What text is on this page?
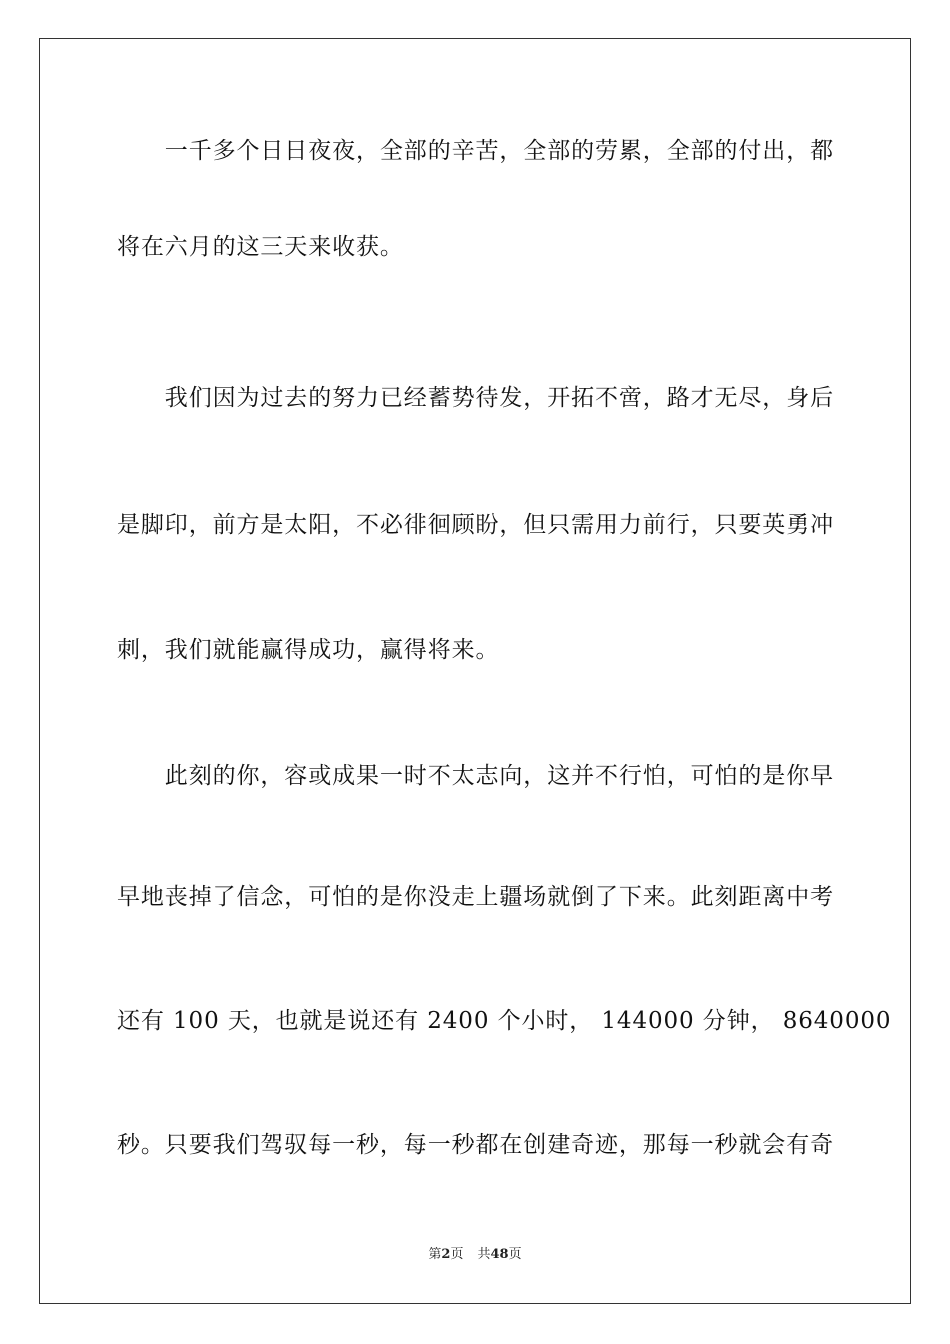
　　一千多个日日夜夜，全部的辛苦，全部的劳累，全部的付出，都
将在六月的这三天来收获。
　　我们因为过去的努力已经蓄势待发，开拓不啻，路才无尽，身后
是脚印，前方是太阳，不必徘徊顾盼，但只需用力前行，只要英勇冲
刺，我们就能赢得成功，赢得将来。
　　此刻的你，容或成果一时不太志向，这并不行怕，可怕的是你早
早地丧掉了信念，可怕的是你没走上疆场就倒了下来。此刻距离中考
还有 100 天，也就是说还有 2400 个小时， 144000 分钟， 8640000
秒。只要我们驾驭每一秒，每一秒都在创建奇迹，那每一秒就会有奇
第2页 共48页
